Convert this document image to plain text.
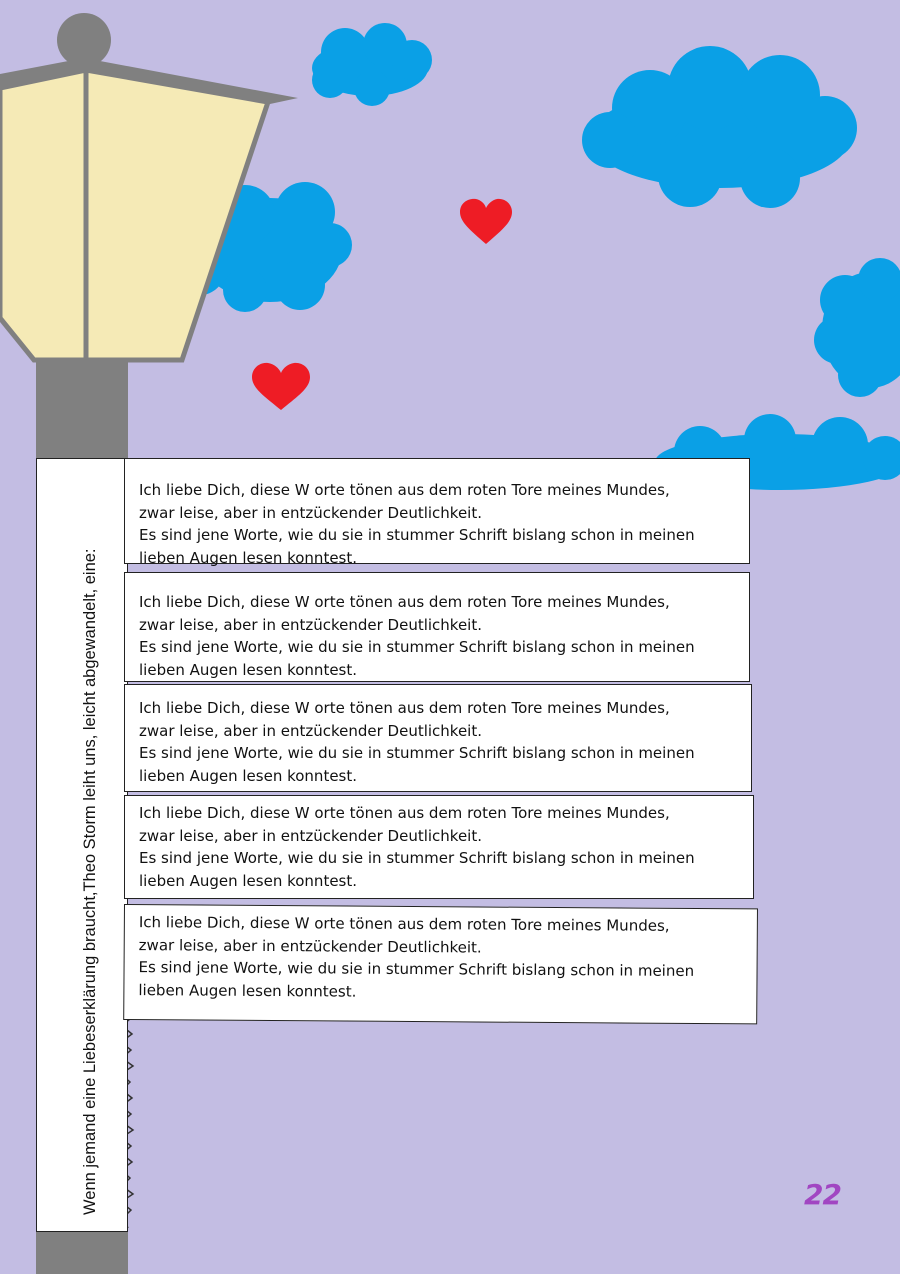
Wenn jemand eine Liebeserklärung braucht,Theo Storm leiht uns, leicht abgewandelt, eine:
Ich liebe Dich, diese W orte tönen aus dem roten Tore meines Mundes,
zwar leise, aber in entzückender Deutlichkeit.
Es sind jene Worte, wie du sie in stummer Schrift bislang schon in meinen
lieben Augen lesen konntest.
Ich liebe Dich, diese W orte tönen aus dem roten Tore meines Mundes,
zwar leise, aber in entzückender Deutlichkeit.
Es sind jene Worte, wie du sie in stummer Schrift bislang schon in meinen
lieben Augen lesen konntest.
Ich liebe Dich, diese W orte tönen aus dem roten Tore meines Mundes,
zwar leise, aber in entzückender Deutlichkeit.
Es sind jene Worte, wie du sie in stummer Schrift bislang schon in meinen
lieben Augen lesen konntest.
Ich liebe Dich, diese W orte tönen aus dem roten Tore meines Mundes,
zwar leise, aber in entzückender Deutlichkeit.
Es sind jene Worte, wie du sie in stummer Schrift bislang schon in meinen
lieben Augen lesen konntest.
Ich liebe Dich, diese W orte tönen aus dem roten Tore meines Mundes,
zwar leise, aber in entzückender Deutlichkeit.
Es sind jene Worte, wie du sie in stummer Schrift bislang schon in meinen
lieben Augen lesen konntest.
22
